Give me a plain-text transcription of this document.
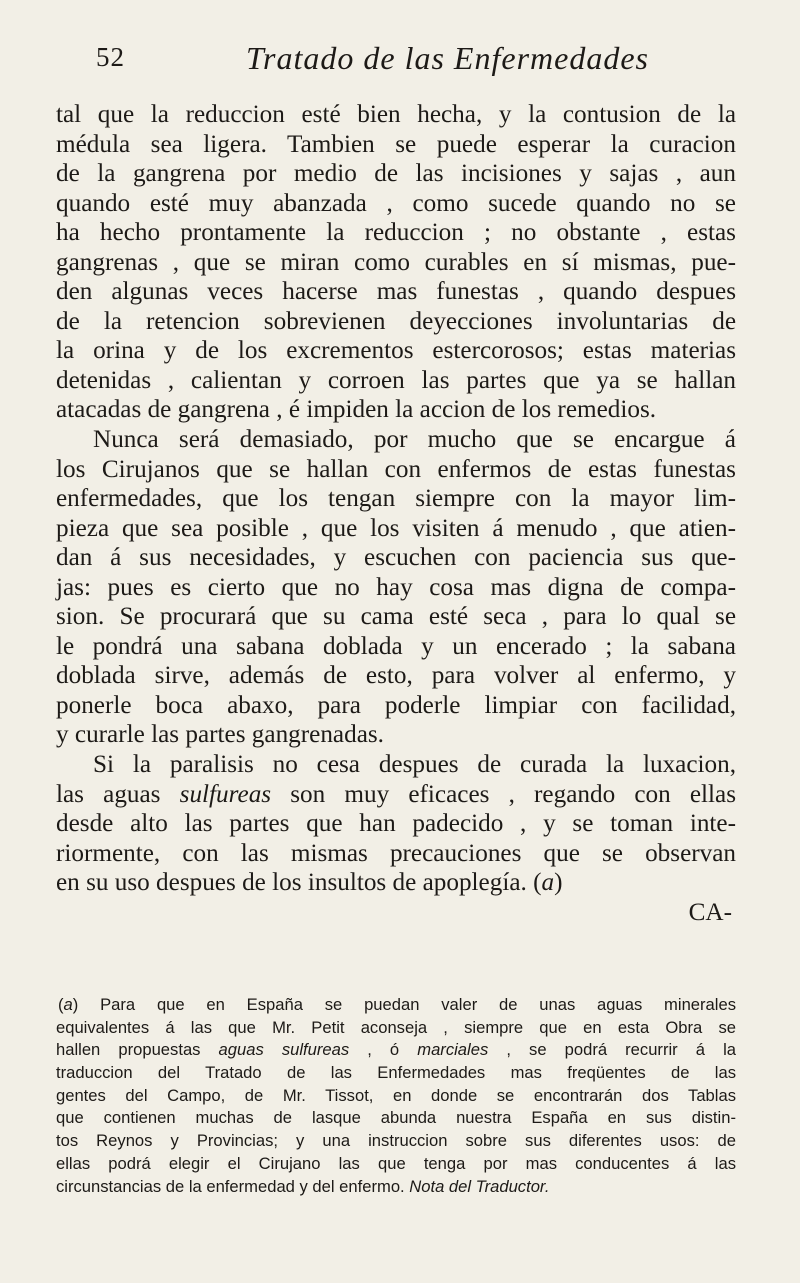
52	Tratado de las Enfermedades
tal que la reduccion esté bien hecha, y la contusion de la
médula sea ligera. Tambien se puede esperar la curacion
de la gangrena por medio de las incisiones y sajas , aun
quando esté muy abanzada , como sucede quando no se
ha hecho prontamente la reduccion ; no obstante , estas
gangrenas , que se miran como curables en sí mismas, pue-
den algunas veces hacerse mas funestas , quando despues
de la retencion sobrevienen deyecciones involuntarias de
la orina y de los excrementos estercorosos; estas materias
detenidas , calientan y corroen las partes que ya se hallan
atacadas de gangrena , é impiden la accion de los remedios.
Nunca será demasiado, por mucho que se encargue á
los Cirujanos que se hallan con enfermos de estas funestas
enfermedades, que los tengan siempre con la mayor lim-
pieza que sea posible , que los visiten á menudo , que atien-
dan á sus necesidades, y escuchen con paciencia sus que-
jas: pues es cierto que no hay cosa mas digna de compa-
sion. Se procurará que su cama esté seca , para lo qual se
le pondrá una sabana doblada y un encerado ; la sabana
doblada sirve, además de esto, para volver al enfermo, y
ponerle boca abaxo, para poderle limpiar con facilidad,
y curarle las partes gangrenadas.
Si la paralisis no cesa despues de curada la luxacion,
las aguas sulfureas son muy eficaces , regando con ellas
desde alto las partes que han padecido , y se toman inte-
riormente, con las mismas precauciones que se observan
en su uso despues de los insultos de apoplegía. (a)
CA-
(a) Para que en España se puedan valer de unas aguas minerales
equivalentes á las que Mr. Petit aconseja , siempre que en esta Obra se
hallen propuestas aguas sulfureas , ó marciales , se podrá recurrir á la
traduccion del Tratado de las Enfermedades mas freqüentes de las
gentes del Campo, de Mr. Tissot, en donde se encontrarán dos Tablas
que contienen muchas de lasque abunda nuestra España en sus distin-
tos Reynos y Provincias; y una instruccion sobre sus diferentes usos: de
ellas podrá elegir el Cirujano las que tenga por mas conducentes á las
circunstancias de la enfermedad y del enfermo. Nota del Traductor.
